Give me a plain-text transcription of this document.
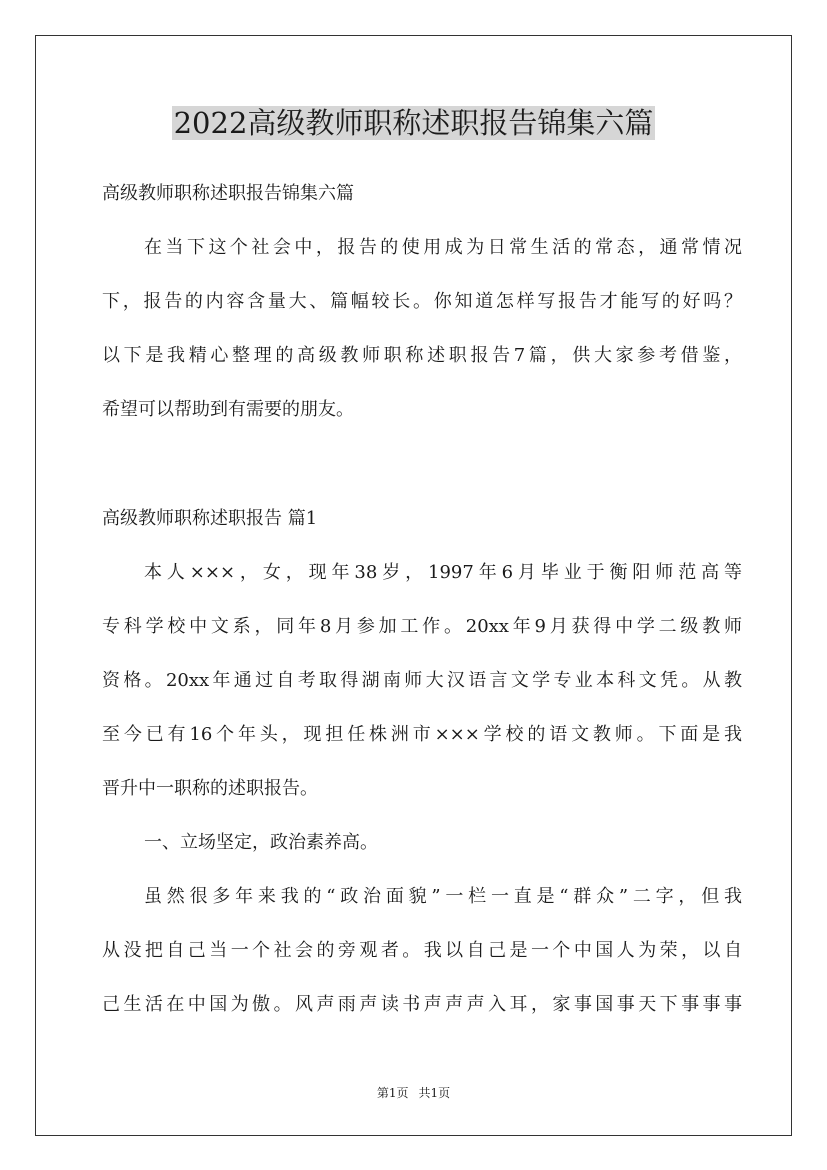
2022高级教师职称述职报告锦集六篇
高级教师职称述职报告锦集六篇
在当下这个社会中，报告的使用成为日常生活的常态，通常情况
下，报告的内容含量大、篇幅较长。你知道怎样写报告才能写的好吗？
以下是我精心整理的高级教师职称述职报告7篇，供大家参考借鉴，
希望可以帮助到有需要的朋友。
高级教师职称述职报告 篇1
本人×××，女，现年38岁，1997年6月毕业于衡阳师范高等
专科学校中文系，同年8月参加工作。20xx年9月获得中学二级教师
资格。20xx年通过自考取得湖南师大汉语言文学专业本科文凭。从教
至今已有16个年头，现担任株洲市×××学校的语文教师。下面是我
晋升中一职称的述职报告。
一、立场坚定，政治素养高。
虽然很多年来我的“政治面貌”一栏一直是“群众”二字，但我
从没把自己当一个社会的旁观者。我以自己是一个中国人为荣，以自
己生活在中国为傲。风声雨声读书声声声入耳，家事国事天下事事事
第1页 共1页
